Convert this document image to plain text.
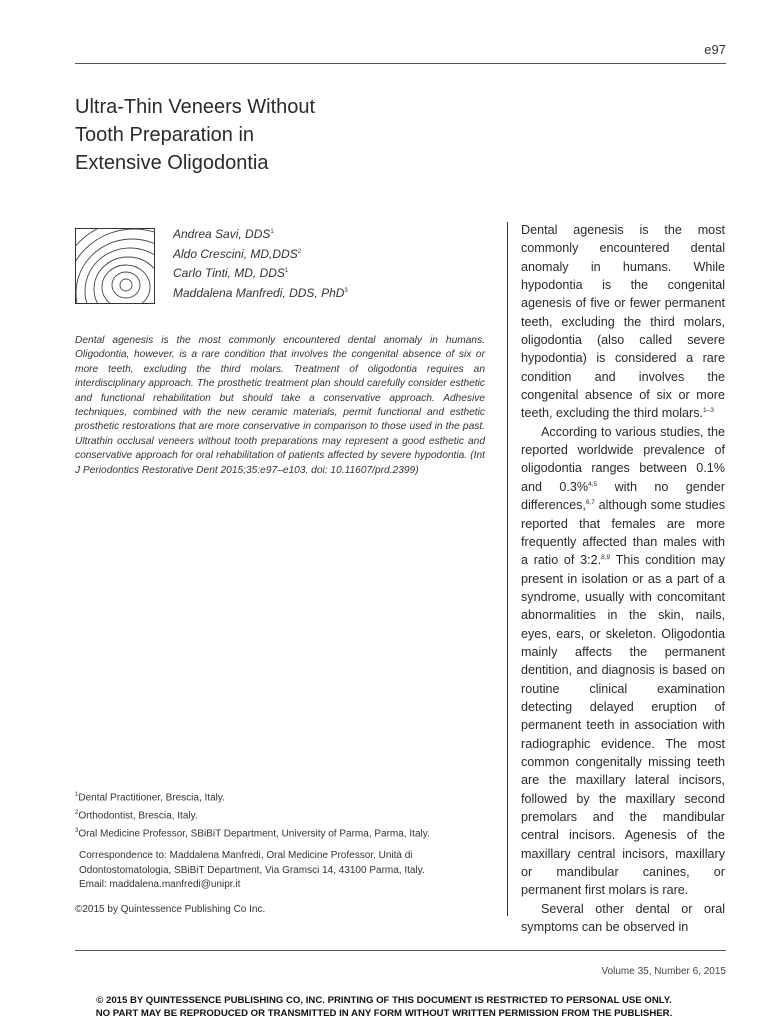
e97
Ultra-Thin Veneers Without
Tooth Preparation in
Extensive Oligodontia
Andrea Savi, DDS$^1$
Aldo Crescini, MD,DDS$^2$
Carlo Tinti, MD, DDS$^1$
Maddalena Manfredi, DDS, PhD$^3$

Dental agenesis is the most commonly encountered dental anomaly in humans. Oligodontia, however, is a rare condition that involves the congenital absence of six or more teeth, excluding the third molars. Treatment of oligodontia requires an interdisciplinary approach. The prosthetic treatment plan should carefully consider esthetic and functional rehabilitation but should take a conservative approach. Adhesive techniques, combined with the new ceramic materials, permit functional and esthetic prosthetic restorations that are more conservative in comparison to those used in the past. Ultrathin occlusal veneers without tooth preparations may represent a good esthetic and conservative approach for oral rehabilitation of patients affected by severe hypodontia. (Int J Periodontics Restorative Dent 2015;35:e97–e103. doi: 10.11607/prd.2399)

$^1$Dental Practitioner, Brescia, Italy.
$^2$Orthodontist, Brescia, Italy.
$^3$Oral Medicine Professor, SBiBiT Department, University of Parma, Parma, Italy.
Correspondence to: Maddalena Manfredi, Oral Medicine Professor, Unità di
Odontostomatologia, SBiBiT Department, Via Gramsci 14, 43100 Parma, Italy.
Email: maddalena.manfredi@unipr.it
©2015 by Quintessence Publishing Co Inc.

Dental agenesis is the most commonly encountered dental anomaly in humans. While hypodontia is the congenital agenesis of five or fewer permanent teeth, excluding the third molars, oligodontia (also called severe hypodontia) is considered a rare condition and involves the congenital absence of six or more teeth, excluding the third molars.$^{1-3}$

According to various studies, the reported worldwide prevalence of oligodontia ranges between 0.1% and 0.3%$^{4,5}$ with no gender differences,$^{6,7}$ although some studies reported that females are more frequently affected than males with a ratio of 3:2.$^{8,9}$ This condition may present in isolation or as a part of a syndrome, usually with concomitant abnormalities in the skin, nails, eyes, ears, or skeleton. Oligodontia mainly affects the permanent dentition, and diagnosis is based on routine clinical examination detecting delayed eruption of permanent teeth in association with radiographic evidence. The most common congenitally missing teeth are the maxillary lateral incisors, followed by the maxillary second premolars and the mandibular central incisors. Agenesis of the maxillary central incisors, maxillary or mandibular canines, or permanent first molars is rare.

Several other dental or oral symptoms can be observed in

Volume 35, Number 6, 2015
© 2015 BY QUINTESSENCE PUBLISHING CO, INC. PRINTING OF THIS DOCUMENT IS RESTRICTED TO PERSONAL USE ONLY.
NO PART MAY BE REPRODUCED OR TRANSMITTED IN ANY FORM WITHOUT WRITTEN PERMISSION FROM THE PUBLISHER.
